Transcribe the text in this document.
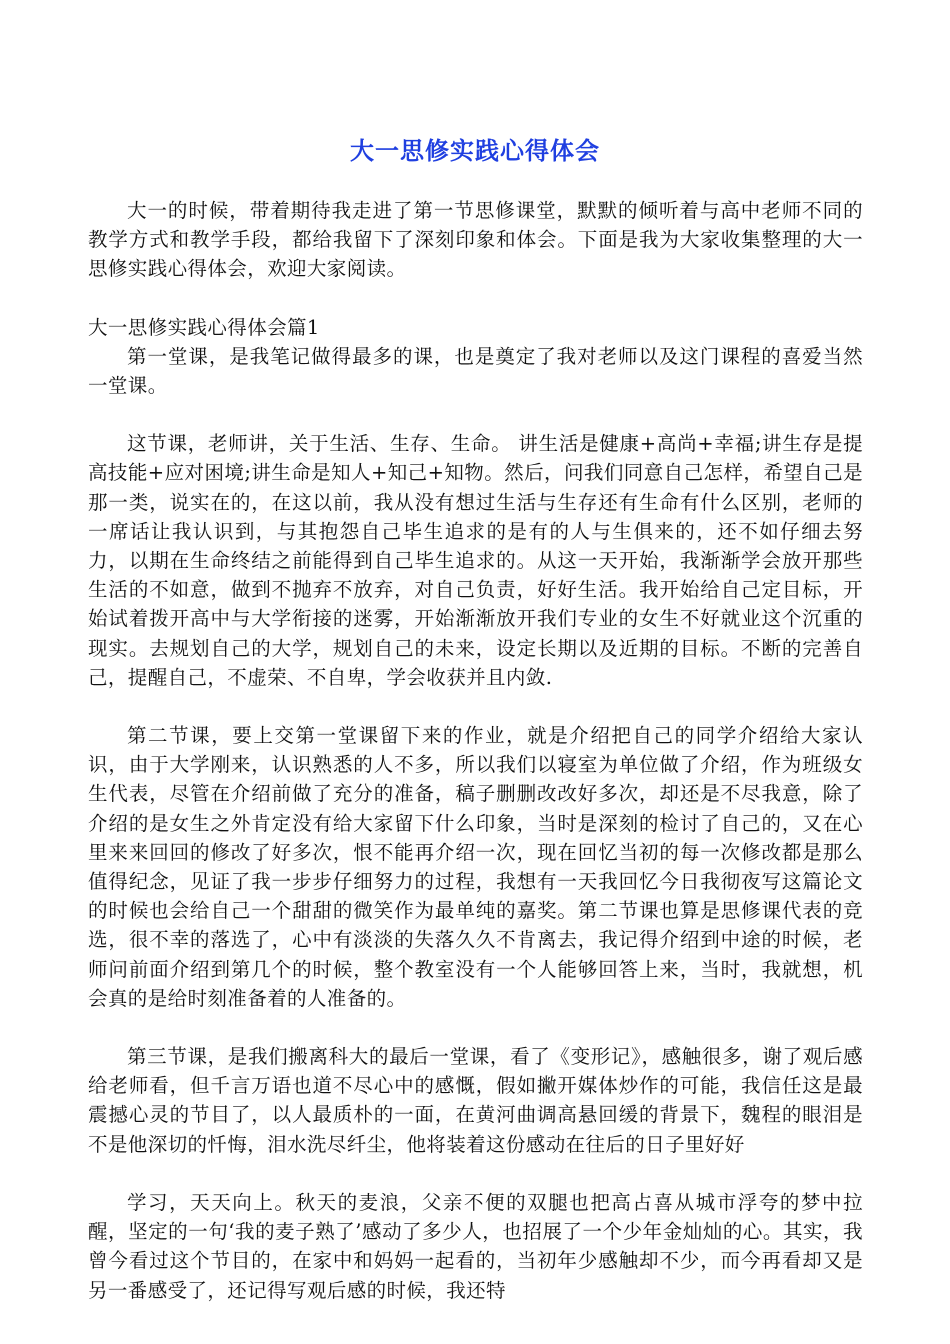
大一思修实践心得体会

大一的时候，带着期待我走进了第一节思修课堂，默默的倾听着与高中老师不同的教学方式和教学手段，都给我留下了深刻印象和体会。下面是我为大家收集整理的大一思修实践心得体会，欢迎大家阅读。

大一思修实践心得体会篇1

第一堂课，是我笔记做得最多的课，也是奠定了我对老师以及这门课程的喜爱当然一堂课。

这节课，老师讲，关于生活、生存、生命。 讲生活是健康+高尚+幸福;讲生存是提高技能+应对困境;讲生命是知人+知己+知物。然后，问我们同意自己怎样，希望自己是那一类，说实在的，在这以前，我从没有想过生活与生存还有生命有什么区别，老师的一席话让我认识到，与其抱怨自己毕生追求的是有的人与生俱来的，还不如仔细去努力，以期在生命终结之前能得到自己毕生追求的。从这一天开始，我渐渐学会放开那些生活的不如意，做到不抛弃不放弃，对自己负责，好好生活。我开始给自己定目标，开始试着拨开高中与大学衔接的迷雾，开始渐渐放开我们专业的女生不好就业这个沉重的现实。去规划自己的大学，规划自己的未来，设定长期以及近期的目标。不断的完善自己，提醒自己，不虚荣、不自卑，学会收获并且内敛.

第二节课，要上交第一堂课留下来的作业，就是介绍把自己的同学介绍给大家认识，由于大学刚来，认识熟悉的人不多，所以我们以寝室为单位做了介绍，作为班级女生代表，尽管在介绍前做了充分的准备，稿子删删改改好多次，却还是不尽我意，除了介绍的是女生之外肯定没有给大家留下什么印象，当时是深刻的检讨了自己的，又在心里来来回回的修改了好多次，恨不能再介绍一次，现在回忆当初的每一次修改都是那么值得纪念，见证了我一步步仔细努力的过程，我想有一天我回忆今日我彻夜写这篇论文的时候也会给自己一个甜甜的微笑作为最单纯的嘉奖。第二节课也算是思修课代表的竞选，很不幸的落选了，心中有淡淡的失落久久不肯离去，我记得介绍到中途的时候，老师问前面介绍到第几个的时候，整个教室没有一个人能够回答上来，当时，我就想，机会真的是给时刻准备着的人准备的。

第三节课，是我们搬离科大的最后一堂课，看了《变形记》，感触很多，谢了观后感给老师看，但千言万语也道不尽心中的感慨，假如撇开媒体炒作的可能，我信任这是最震撼心灵的节目了，以人最质朴的一面，在黄河曲调高悬回缓的背景下，魏程的眼泪是不是他深切的忏悔，泪水洗尽纤尘，他将装着这份感动在往后的日子里好好

学习，天天向上。秋天的麦浪，父亲不便的双腿也把高占喜从城市浮夸的梦中拉醒，坚定的一句‘我的麦子熟了’感动了多少人，也招展了一个少年金灿灿的心。其实，我曾今看过这个节目的，在家中和妈妈一起看的，当初年少感触却不少，而今再看却又是另一番感受了，还记得写观后感的时候，我还特
